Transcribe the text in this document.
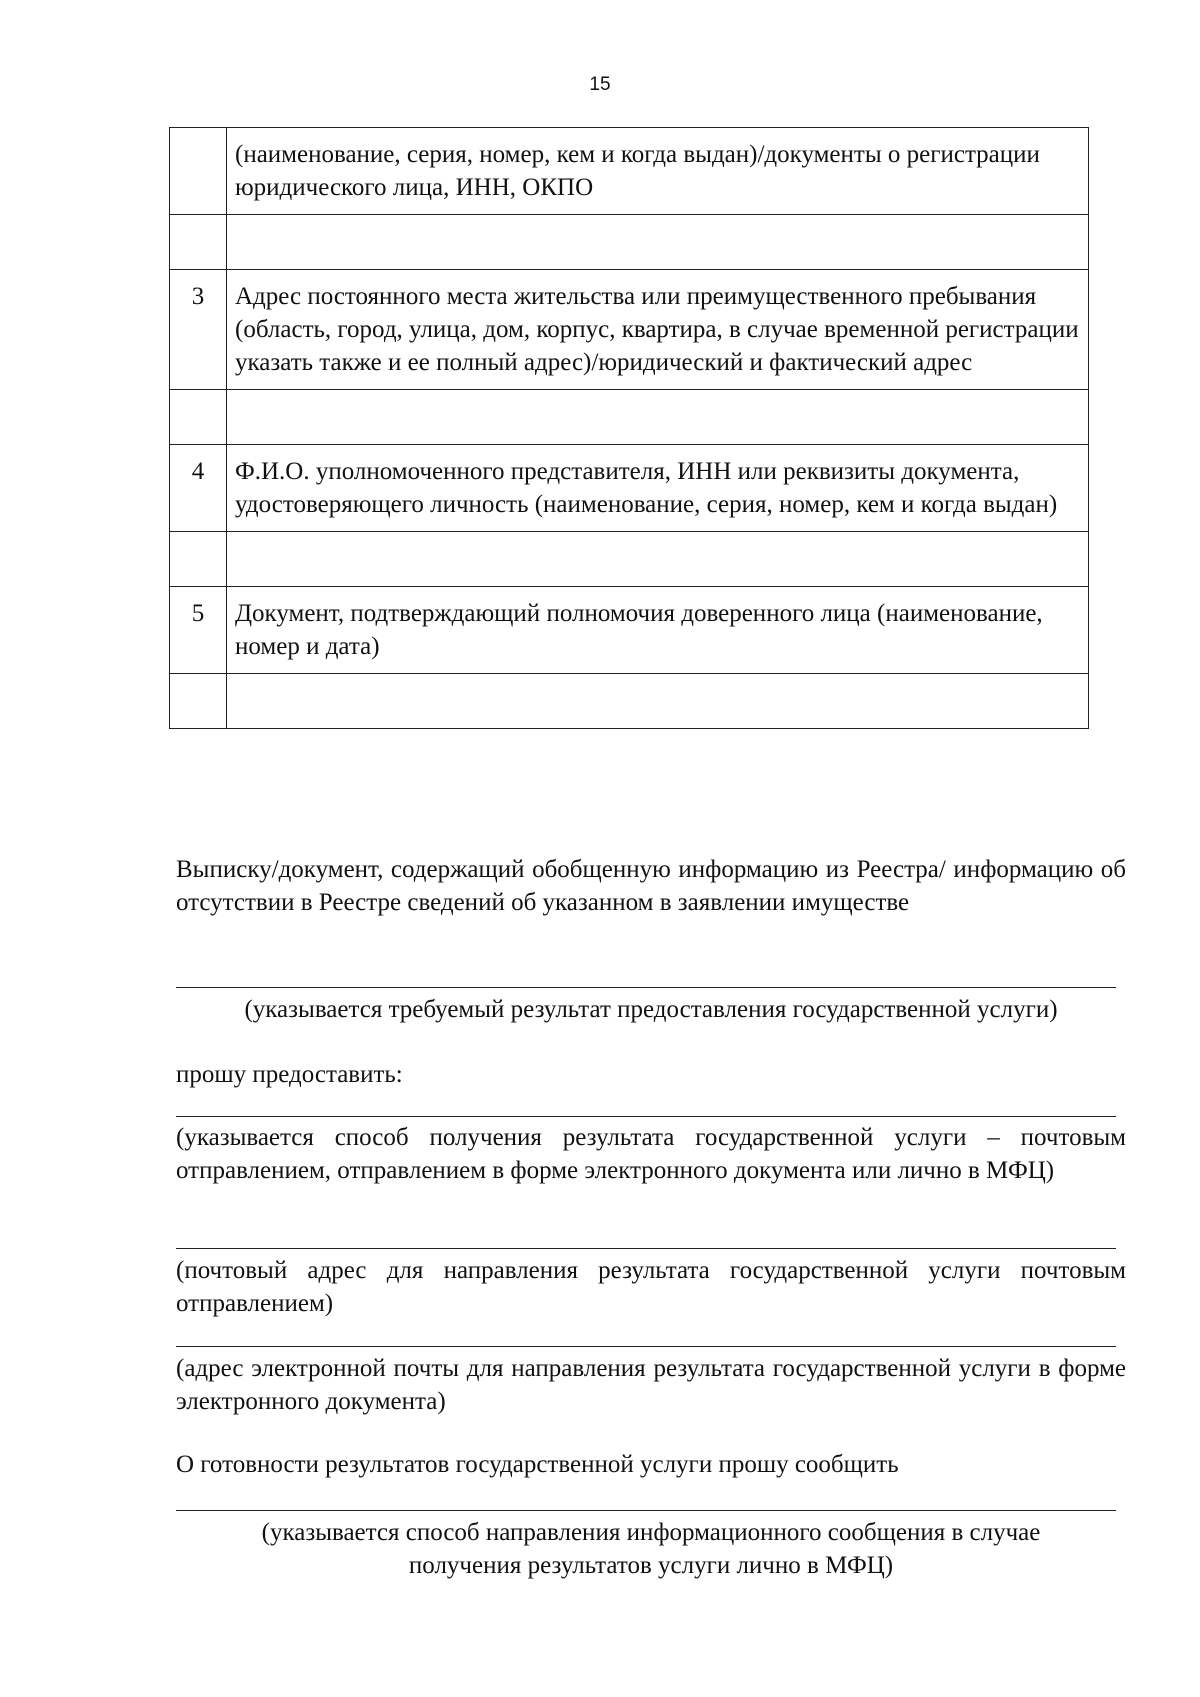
15
	(наименование, серия, номер, кем и когда выдан)/документы о регистрации юридического лица, ИНН, ОКПО

3	Адрес постоянного места жительства или преимущественного пребывания (область, город, улица, дом, корпус, квартира, в случае временной регистрации указать также и ее полный адрес)/юридический и фактический адрес

4	Ф.И.О. уполномоченного представителя, ИНН или реквизиты документа, удостоверяющего личность (наименование, серия, номер, кем и когда выдан)

5	Документ, подтверждающий полномочия доверенного лица (наименование, номер и дата)

Выписку/документ, содержащий обобщенную информацию из Реестра/ информацию об отсутствии в Реестре сведений об указанном в заявлении имуществе
(указывается требуемый результат предоставления государственной услуги)
прошу предоставить:
(указывается способ получения результата государственной услуги – почтовым отправлением, отправлением в форме электронного документа или лично в МФЦ)
(почтовый адрес для направления результата государственной услуги почтовым отправлением)
(адрес электронной почты для направления результата государственной услуги в форме электронного документа)
О готовности результатов государственной услуги прошу сообщить
(указывается способ направления информационного сообщения в случае
получения результатов услуги лично в МФЦ)
